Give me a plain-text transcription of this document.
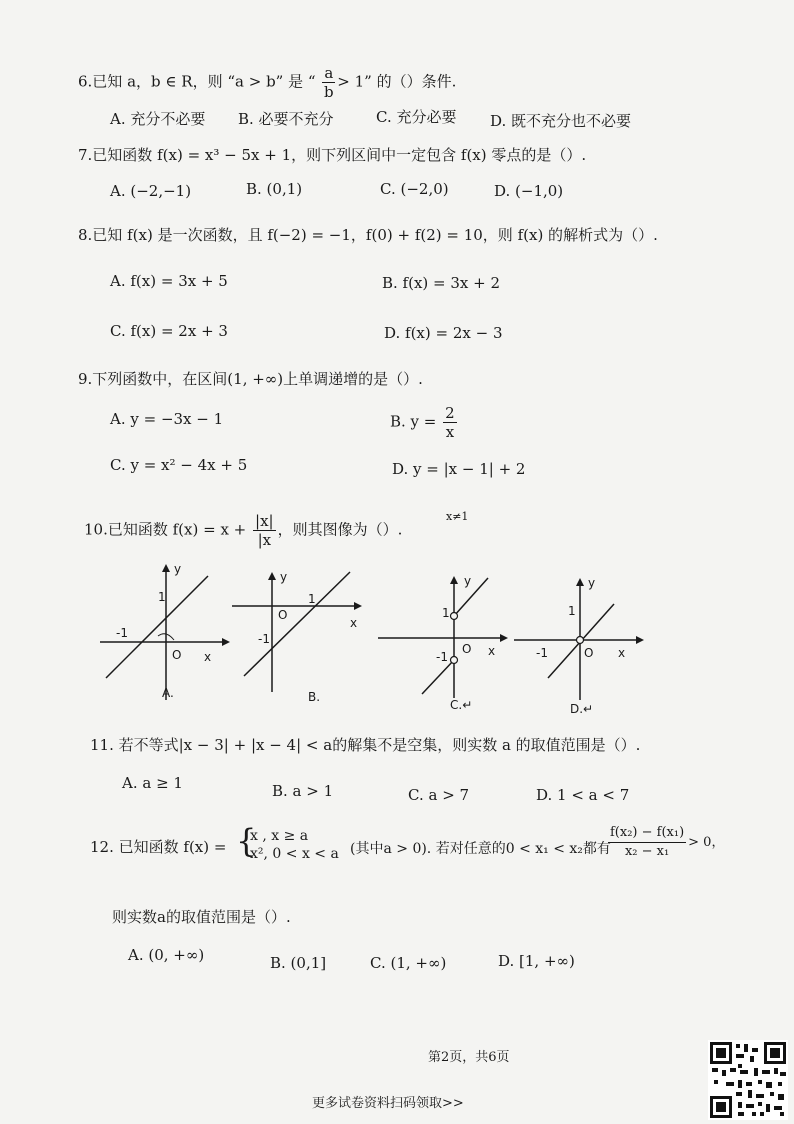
6.已知 a，b ∈ R，则 “a > b” 是 “ $\frac{a}{b} > 1$” 的（）条件.
A. 充分不必要 B. 必要不充分	C. 充分必要 D. 既不充分也不必要
7.已知函数 f(x) = x³ − 5x + 1，则下列区间中一定包含 f(x) 零点的是（）.
A. (−2,−1)	B. (0,1)	C. (−2,0)	D. (−1,0)
8.已知 f(x) 是一次函数，且 f(−2) = −1，f(0) + f(2) = 10，则 f(x) 的解析式为（）.
A. f(x) = 3x + 5	B. f(x) = 3x + 2
C. f(x) = 2x + 3	D. f(x) = 2x − 3
9.下列函数中，在区间(1, +∞)上单调递增的是（）.
A. y = −3x − 1	B. $y = \frac{2}{x}$
C. y = x² − 4x + 5	D. y = |x − 1| + 2
10.已知函数 $f(x) = x + \frac{|x|}{|x}$ ，则其图像为（）.
x≠1
y
1
-1
O x
A.
y
1
O
-1
x
B.
y
1
-1
O x
C.↵
y
1
-1	O x
D.↵
11. 若不等式|x − 3| + |x − 4| < a的解集不是空集，则实数 a 的取值范围是（）.
A. a ≥ 1	B. a > 1	C. a > 7	D. 1 < a < 7
12. 已知函数 f(x) = {
x , x ≥ a
x², 0 < x < a (其中a > 0). 若对任意的0 < x₁ < x₂都有
$\frac{\text{f(x₂) − f(x₁)}}{\text{x₂ − x₁}} > 0$，
则实数a的取值范围是（）.
A. (0, +∞)	B. (0,1]	C. (1, +∞)	D. [1, +∞)
第2页，共6页
更多试卷资料扫码领取>>
